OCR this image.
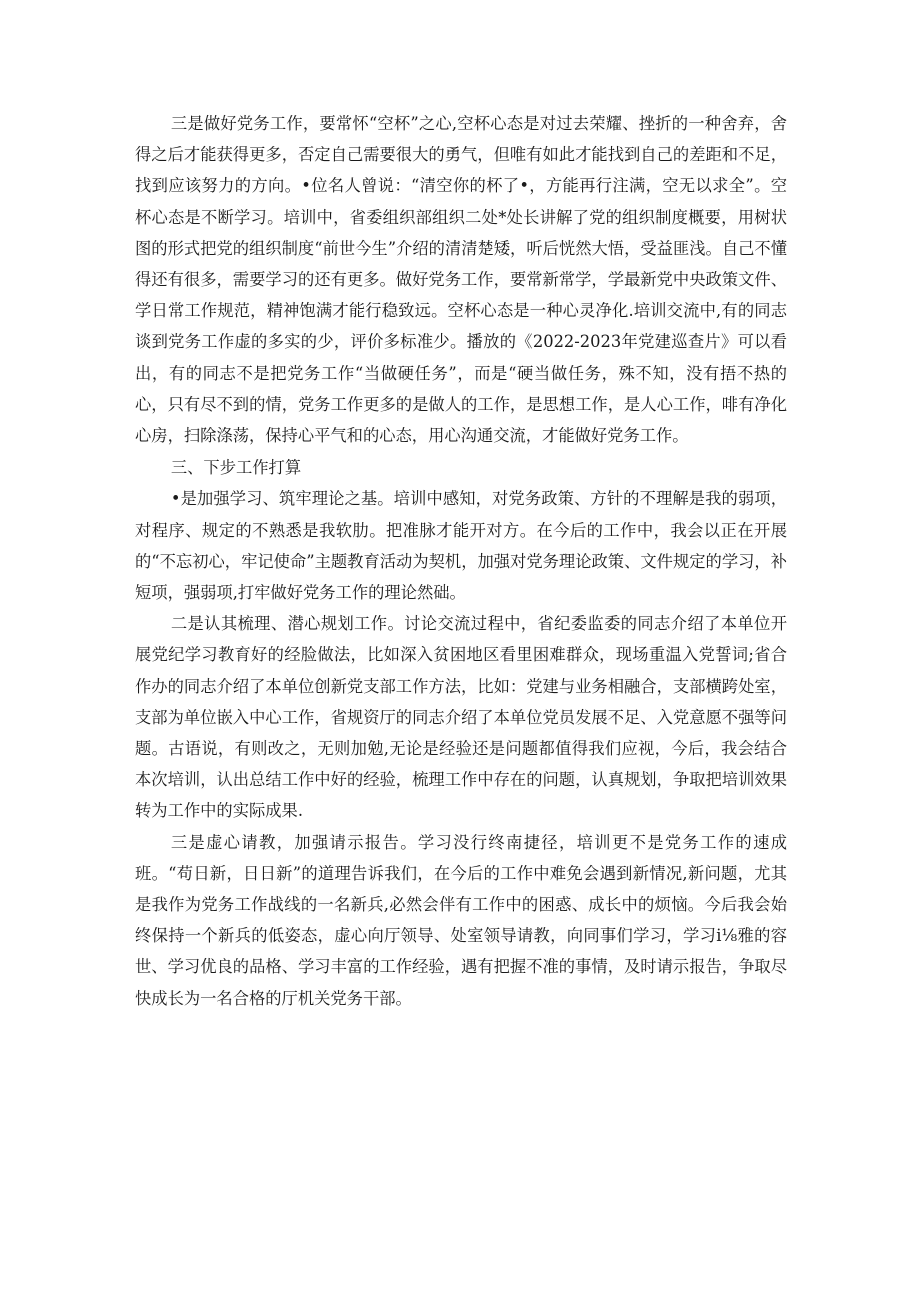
三是做好党务工作，要常怀“空杯”之心,空杯心态是对过去荣耀、挫折的一种舍弃，舍得之后才能获得更多，否定自己需要很大的勇气，但唯有如此才能找到自己的差距和不足，找到应该努力的方向。•位名人曾说：“清空你的杯了•，方能再行注满，空无以求全”。空杯心态是不断学习。培训中，省委组织部组织二处*处长讲解了党的组织制度概要，用树状图的形式把党的组织制度“前世今生”介绍的清清楚矮，听后恍然大悟，受益匪浅。自己不懂得还有很多，需要学习的还有更多。做好党务工作，要常新常学，学最新党中央政策文件、学日常工作规范，精神饱满才能行稳致远。空杯心态是一种心灵净化.培训交流中,有的同志谈到党务工作虚的多实的少，评价多标准少。播放的《2022-2023年党建巡查片》可以看出，有的同志不是把党务工作“当做硬任务”，而是“硬当做任务，殊不知，没有捂不热的心，只有尽不到的情，党务工作更多的是做人的工作，是思想工作，是人心工作，啡有净化心房，扫除涤荡，保持心平气和的心态，用心沟通交流，才能做好党务工作。

三、下步工作打算

•是加强学习、筑牢理论之基。培训中感知，对党务政策、方针的不理解是我的弱项，对程序、规定的不熟悉是我软肋。把准脉才能开对方。在今后的工作中，我会以正在开展的“不忘初心，牢记使命”主题教育活动为契机，加强对党务理论政策、文件规定的学习，补短项，强弱项,打牢做好党务工作的理论然础。

二是认其梳理、潜心规划工作。讨论交流过程中，省纪委监委的同志介绍了本单位开展党纪学习教育好的经脸做法，比如深入贫困地区看里困难群众，现场重温入党誓词;省合作办的同志介绍了本单位创新党支部工作方法，比如：党建与业务相融合，支部横跨处室，支部为单位嵌入中心工作，省规资厅的同志介绍了本单位党员发展不足、入党意愿不强等问题。古语说，有则改之，无则加勉,无论是经验还是问题都值得我们应视，今后，我会结合本次培训，认出总结工作中好的经验，梳理工作中存在的问题，认真规划，争取把培训效果转为工作中的实际成果.

三是虚心请教，加强请示报告。学习没行终南捷径，培训更不是党务工作的速成班。“苟日新，日日新”的道理告诉我们，在今后的工作中难免会遇到新情况,新问题，尤其是我作为党务工作战线的一名新兵,必然会伴有工作中的困惑、成长中的烦恼。今后我会始终保持一个新兵的低姿态，虚心向厅领导、处室领导请教，向同事们学习，学习i⅛雅的容世、学习优良的品格、学习丰富的工作经验，遇有把握不准的事情，及时请示报告，争取尽快成长为一名合格的厅机关党务干部。
